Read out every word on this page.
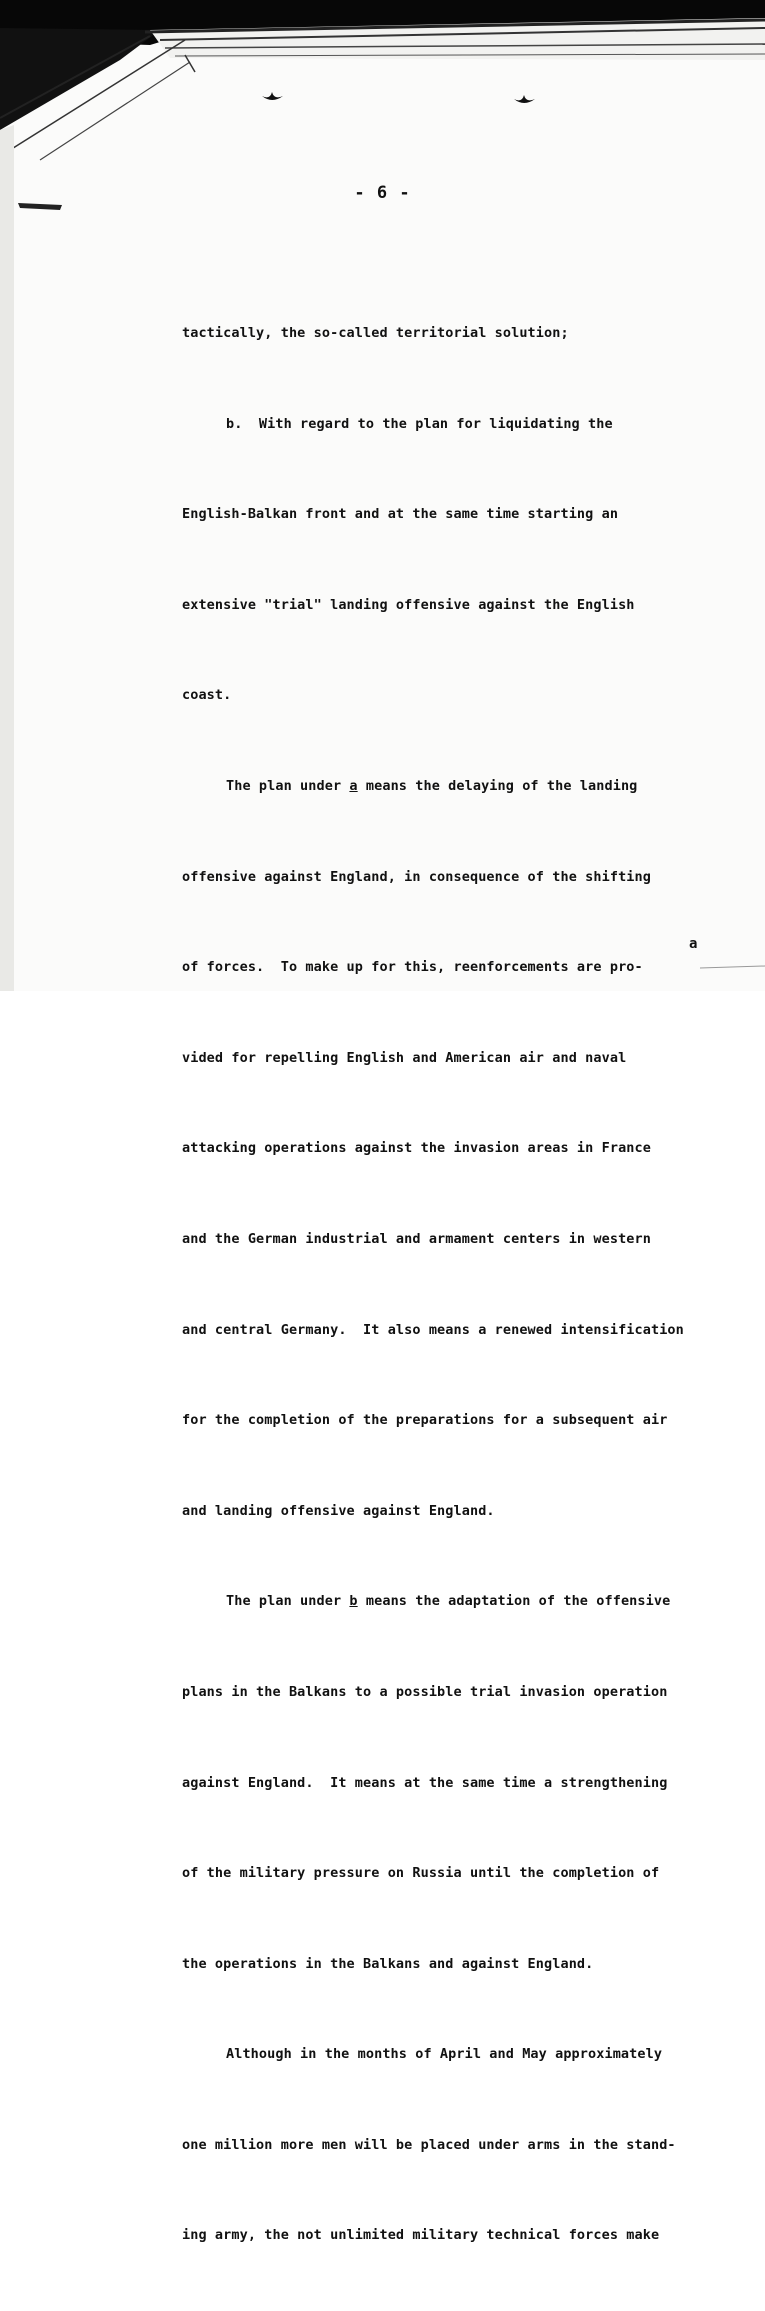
- 6 -

tactically, the so-called territorial solution;

b.  With regard to the plan for liquidating the

English-Balkan front and at the same time starting an

extensive "trial" landing offensive against the English

coast.

The plan under a means the delaying of the landing

offensive against England, in consequence of the shifting

of forces.  To make up for this, reenforcements are pro-

vided for repelling English and American air and naval

attacking operations against the invasion areas in France

and the German industrial and armament centers in western

and central Germany.  It also means a renewed intensification

for the completion of the preparations for a subsequent air

and landing offensive against England.

The plan under b means the adaptation of the offensive

plans in the Balkans to a possible trial invasion operation

against England.  It means at the same time a strengthening

of the military pressure on Russia until the completion of

the operations in the Balkans and against England.

Although in the months of April and May approximately

one million more men will be placed under arms in the stand-

ing army, the not unlimited military technical forces make

a
